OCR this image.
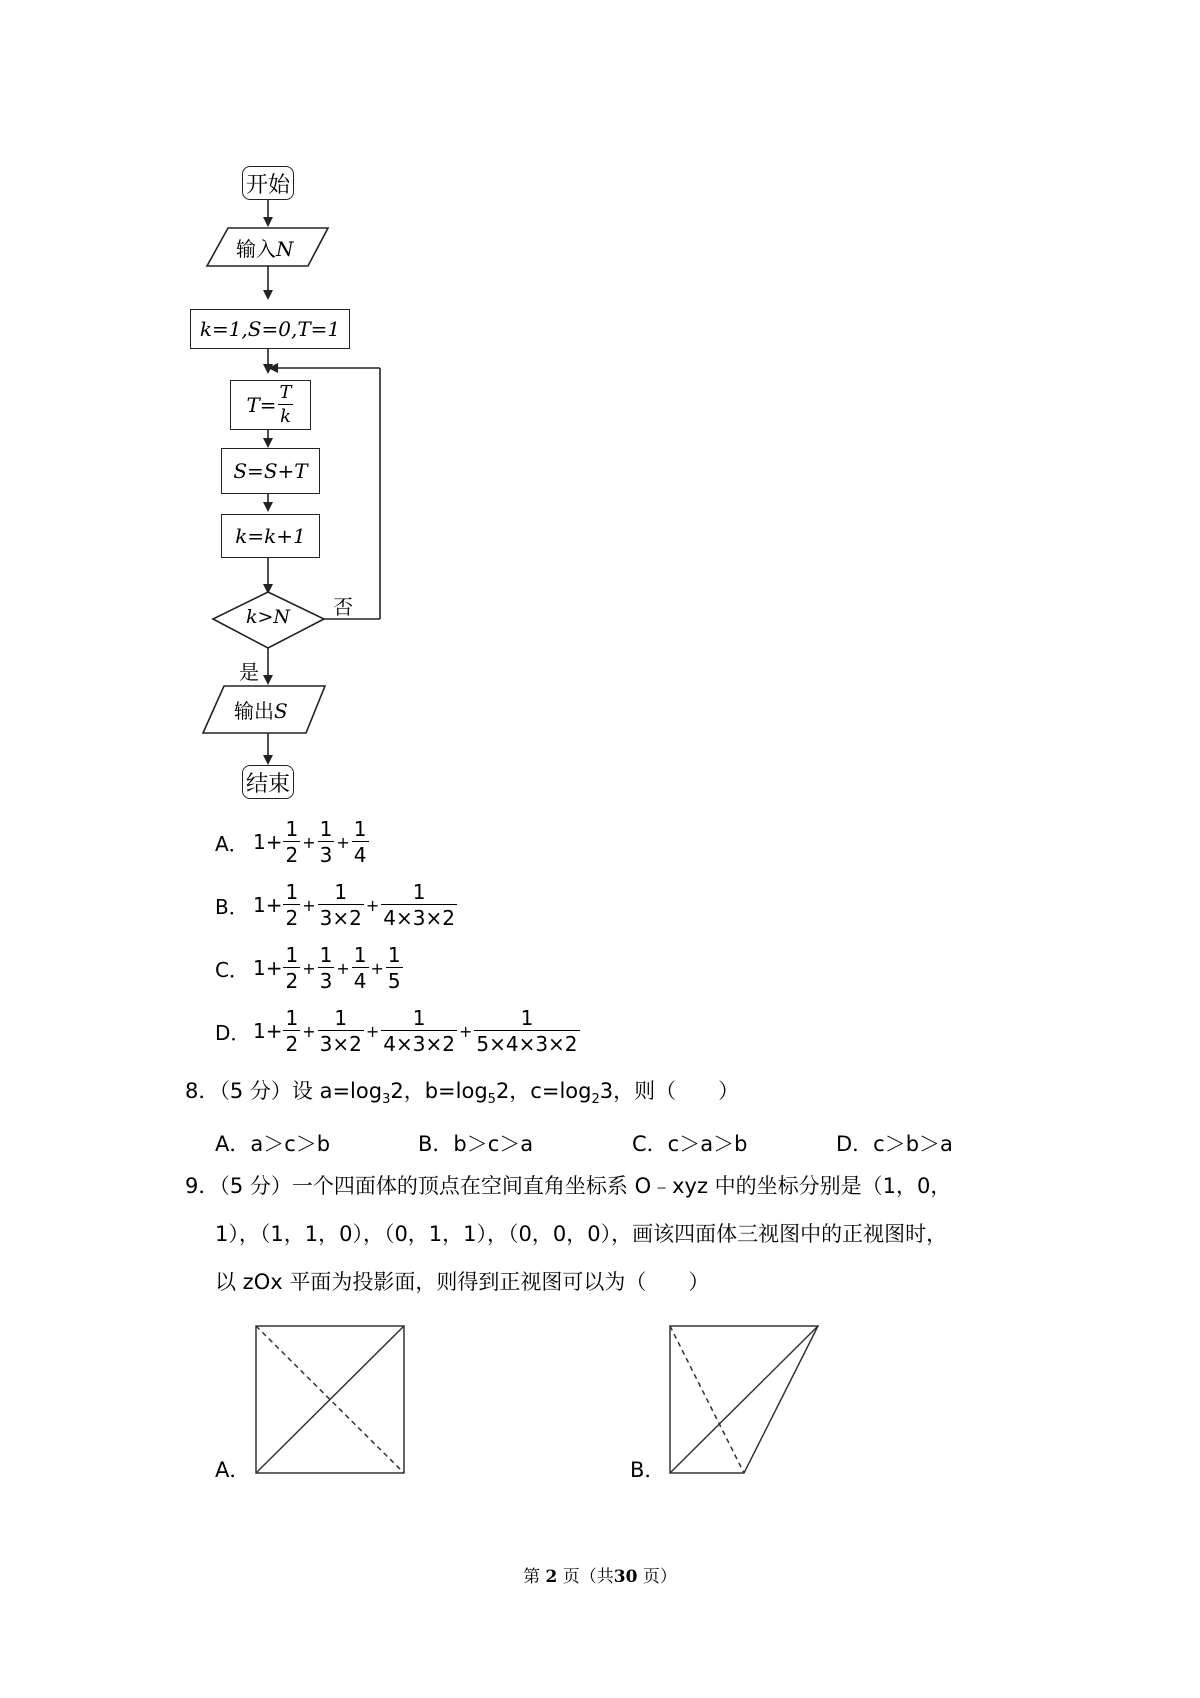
开始
输入N
k=1,S=0,T=1
$T= \frac{T}{k}$
S=S+T
k=k+1
k>N 否
是
输出S
结束
A． $1+ \frac{1}{2} + \frac{1}{3} + \frac{1}{4}$
B． $1+ \frac{1}{2} + \frac{1}{3\times 2} + \frac{1}{4\times 3\times 2}$
C． $1+ \frac{1}{2} + \frac{1}{3} + \frac{1}{4} + \frac{1}{5}$
D． $1+ \frac{1}{2} + \frac{1}{3\times 2} + \frac{1}{4\times 3\times 2} + \frac{1}{5\times 4\times 3\times 2}$
8．（5 分）设 $a=\log_32$，$b=\log_52$，$c=\log_23$，则（　　）
A．a＞c＞b	B．b＞c＞a	C．c＞a＞b	D．c＞b＞a
9．（5 分）一个四面体的顶点在空间直角坐标系 O﹣xyz 中的坐标分别是（1，0，
1），（1，1，0），（0，1，1），（0，0，0），画该四面体三视图中的正视图时，
以 zOx 平面为投影面，则得到正视图可以为（　　）
A．	B．
第 2 页（共30 页）
